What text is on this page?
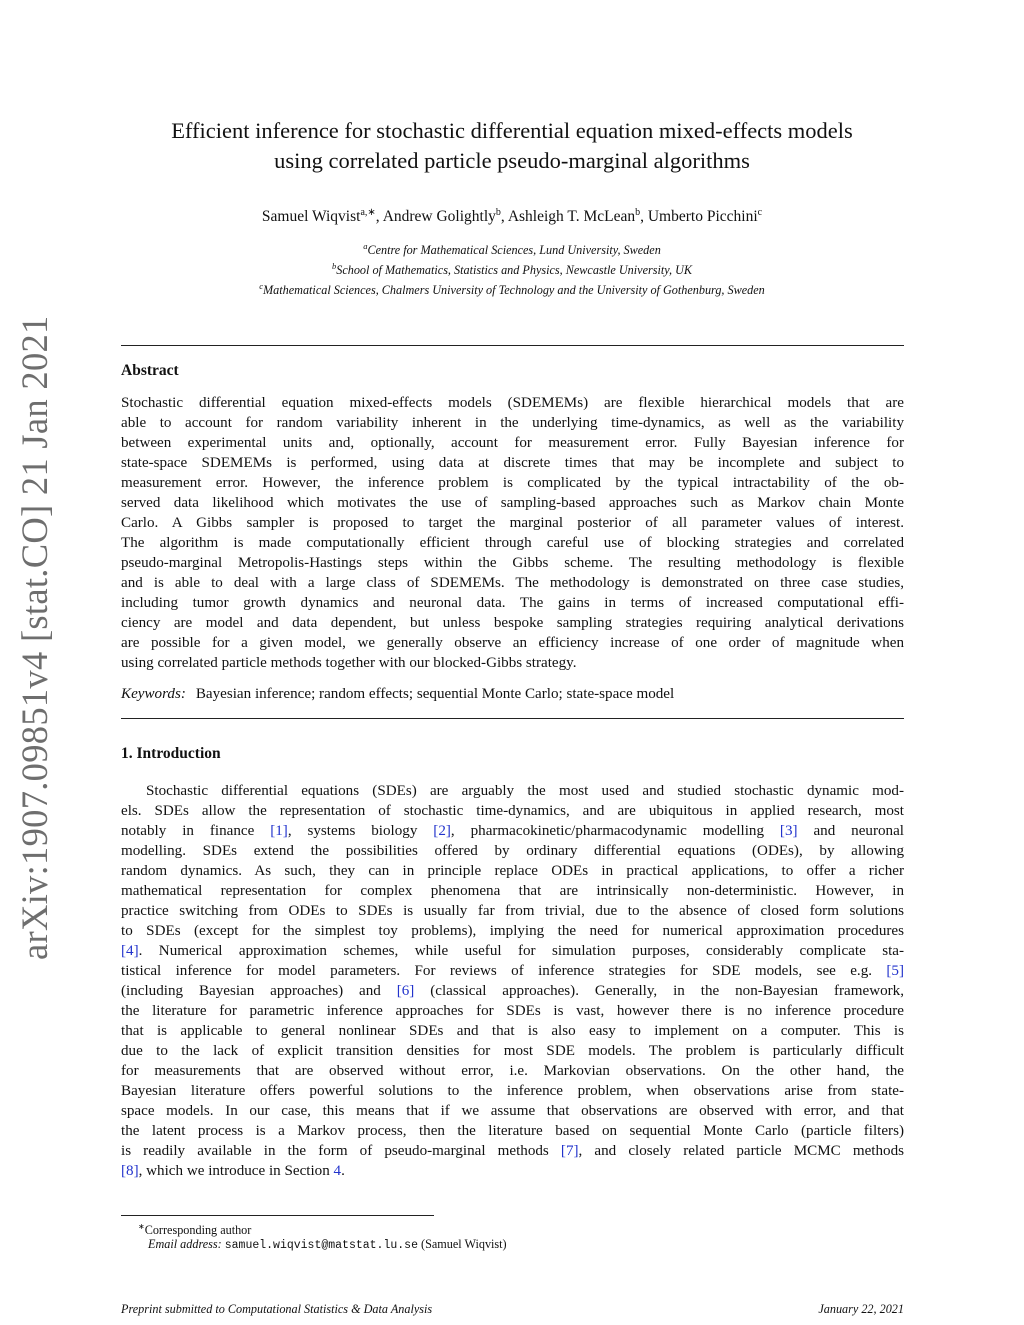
arXiv:1907.09851v4 [stat.CO] 21 Jan 2021
Efficient inference for stochastic differential equation mixed-effects models
using correlated particle pseudo-marginal algorithms
Samuel Wiqvist$^{a,∗}$, Andrew Golightly$^b$, Ashleigh T. McLean$^b$, Umberto Picchini$^c$
$^a$Centre for Mathematical Sciences, Lund University, Sweden
$^b$School of Mathematics, Statistics and Physics, Newcastle University, UK
$^c$Mathematical Sciences, Chalmers University of Technology and the University of Gothenburg, Sweden
Abstract
Stochastic differential equation mixed-effects models (SDEMEMs) are flexible hierarchical models that are
able to account for random variability inherent in the underlying time-dynamics, as well as the variability
between experimental units and, optionally, account for measurement error. Fully Bayesian inference for
state-space SDEMEMs is performed, using data at discrete times that may be incomplete and subject to
measurement error. However, the inference problem is complicated by the typical intractability of the ob-
served data likelihood which motivates the use of sampling-based approaches such as Markov chain Monte
Carlo. A Gibbs sampler is proposed to target the marginal posterior of all parameter values of interest.
The algorithm is made computationally efficient through careful use of blocking strategies and correlated
pseudo-marginal Metropolis-Hastings steps within the Gibbs scheme. The resulting methodology is flexible
and is able to deal with a large class of SDEMEMs. The methodology is demonstrated on three case studies,
including tumor growth dynamics and neuronal data. The gains in terms of increased computational effi-
ciency are model and data dependent, but unless bespoke sampling strategies requiring analytical derivations
are possible for a given model, we generally observe an efficiency increase of one order of magnitude when
using correlated particle methods together with our blocked-Gibbs strategy.
Keywords: Bayesian inference; random effects; sequential Monte Carlo; state-space model
1. Introduction
Stochastic differential equations (SDEs) are arguably the most used and studied stochastic dynamic mod-
els. SDEs allow the representation of stochastic time-dynamics, and are ubiquitous in applied research, most
notably in finance [1], systems biology [2], pharmacokinetic/pharmacodynamic modelling [3] and neuronal
modelling. SDEs extend the possibilities offered by ordinary differential equations (ODEs), by allowing
random dynamics. As such, they can in principle replace ODEs in practical applications, to offer a richer
mathematical representation for complex phenomena that are intrinsically non-deterministic. However, in
practice switching from ODEs to SDEs is usually far from trivial, due to the absence of closed form solutions
to SDEs (except for the simplest toy problems), implying the need for numerical approximation procedures
[4]. Numerical approximation schemes, while useful for simulation purposes, considerably complicate sta-
tistical inference for model parameters. For reviews of inference strategies for SDE models, see e.g. [5]
(including Bayesian approaches) and [6] (classical approaches). Generally, in the non-Bayesian framework,
the literature for parametric inference approaches for SDEs is vast, however there is no inference procedure
that is applicable to general nonlinear SDEs and that is also easy to implement on a computer. This is
due to the lack of explicit transition densities for most SDE models. The problem is particularly difficult
for measurements that are observed without error, i.e. Markovian observations. On the other hand, the
Bayesian literature offers powerful solutions to the inference problem, when observations arise from state-
space models. In our case, this means that if we assume that observations are observed with error, and that
the latent process is a Markov process, then the literature based on sequential Monte Carlo (particle filters)
is readily available in the form of pseudo-marginal methods [7], and closely related particle MCMC methods
[8], which we introduce in Section 4.
∗Corresponding author
Email address: samuel.wiqvist@matstat.lu.se (Samuel Wiqvist)
Preprint submitted to Computational Statistics & Data Analysis	January 22, 2021
